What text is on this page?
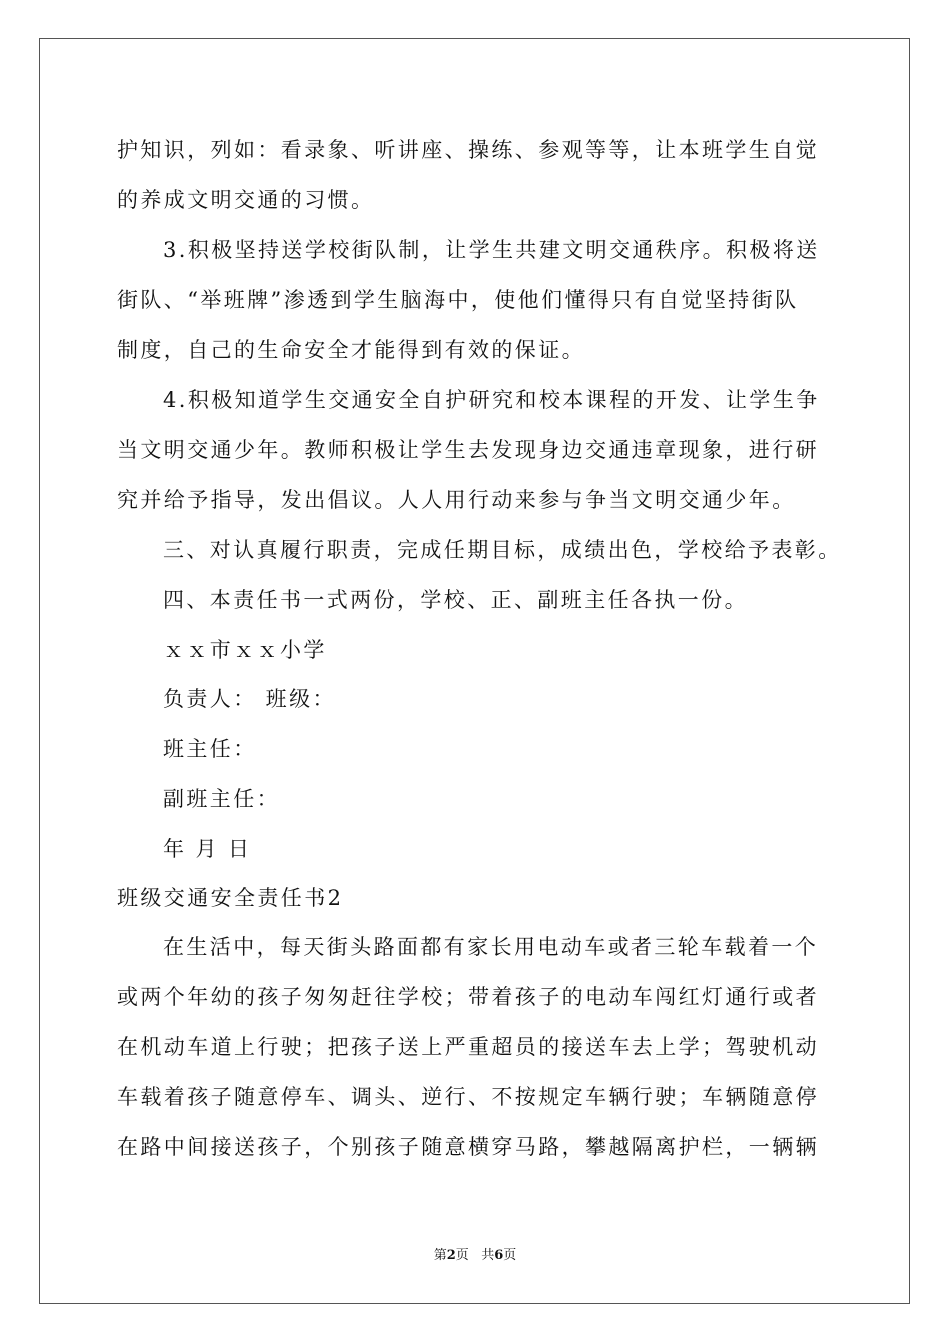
护知识，列如：看录象、听讲座、操练、参观等等，让本班学生自觉
的养成文明交通的习惯。
3.积极坚持送学校街队制，让学生共建文明交通秩序。积极将送
街队、“举班牌”渗透到学生脑海中，使他们懂得只有自觉坚持街队
制度，自己的生命安全才能得到有效的保证。
4.积极知道学生交通安全自护研究和校本课程的开发、让学生争
当文明交通少年。教师积极让学生去发现身边交通违章现象，进行研
究并给予指导，发出倡议。人人用行动来参与争当文明交通少年。
三、对认真履行职责，完成任期目标，成绩出色，学校给予表彰。
四、本责任书一式两份，学校、正、副班主任各执一份。
ｘｘ市ｘｘ小学
负责人： 班级：
班主任：
副班主任：
年 月 日
班级交通安全责任书2
在生活中，每天街头路面都有家长用电动车或者三轮车载着一个
或两个年幼的孩子匆匆赶往学校；带着孩子的电动车闯红灯通行或者
在机动车道上行驶；把孩子送上严重超员的接送车去上学；驾驶机动
车载着孩子随意停车、调头、逆行、不按规定车辆行驶；车辆随意停
在路中间接送孩子，个别孩子随意横穿马路，攀越隔离护栏，一辆辆
第2页 共6页
